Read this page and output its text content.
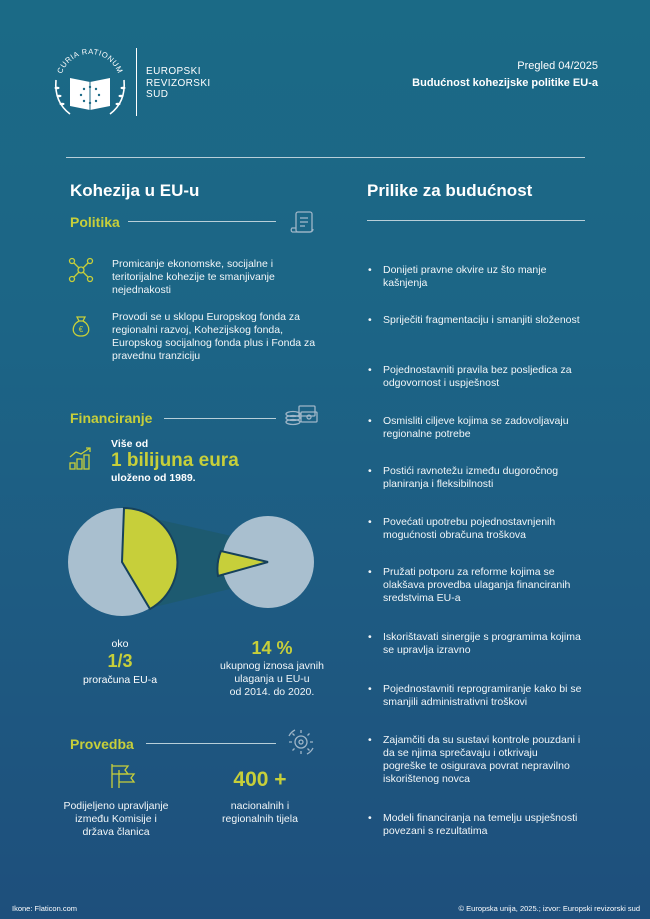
CURIA RATIONUM EUROPSKI
REVIZORSKI
SUD
Pregled 04/2025
Budućnost kohezijske politike EU-a
Kohezija u EU-u
Politika
Promicanje ekonomske, socijalne i teritorijalne kohezije te smanjivanje nejednakosti
€
Provodi se u sklopu Europskog fonda za regionalni razvoj, Kohezijskog fonda, Europskog socijalnog fonda plus i Fonda za pravednu tranziciju
Financiranje
Više od
1 bilijuna eura
uloženo od 1989.
oko
1/3
proračuna EU-a
14 %
ukupnog iznosa javnih
ulaganja u EU-u
od 2014. do 2020.
Provedba
Podijeljeno upravljanje
između Komisije i
država članica
400 +
nacionalnih i
regionalnih tijela
Prilike za budućnost
• Donijeti pravne okvire uz što manje kašnjenja
• Spriječiti fragmentaciju i smanjiti složenost
• Pojednostavniti pravila bez posljedica za odgovornost i uspješnost
• Osmisliti ciljeve kojima se zadovoljavaju regionalne potrebe
• Postići ravnotežu između dugoročnog planiranja i fleksibilnosti
• Povećati upotrebu pojednostavnjenih mogućnosti obračuna troškova
• Pružati potporu za reforme kojima se olakšava provedba ulaganja financiranih sredstvima EU-a
• Iskorištavati sinergije s programima kojima se upravlja izravno
• Pojednostavniti reprogramiranje kako bi se smanjili administrativni troškovi
• Zajamčiti da su sustavi kontrole pouzdani i da se njima sprečavaju i otkrivaju pogreške te osigurava povrat nepravilno iskorištenog novca
• Modeli financiranja na temelju uspješnosti povezani s rezultatima
Ikone: Flaticon.com	© Europska unija, 2025.; izvor: Europski revizorski sud
